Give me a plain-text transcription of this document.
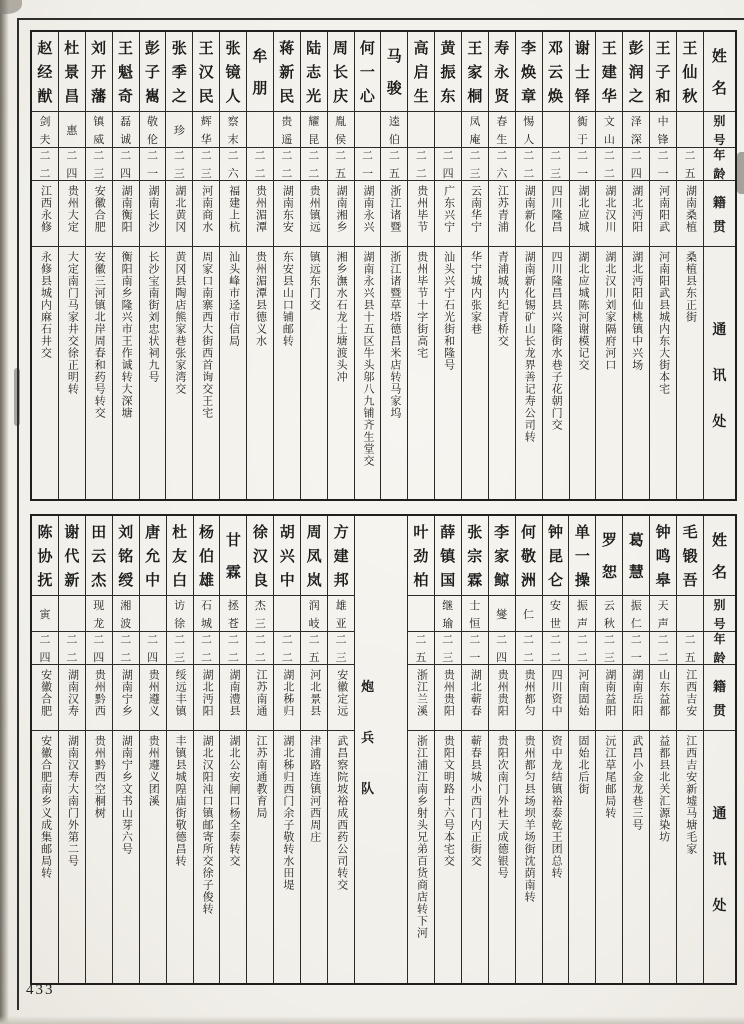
赵
经
猷
剑
夫
二
二
江西永修
永修县城内麻石井交
杜
景
昌
惠
二
四
贵州大定
大定南门马家井交徐正明转
刘
开
藩
镇
威
二
三
安徽合肥
安徽三河镇北岸周春和药号转交
王
魁
奇
磊
诚
二
四
湖南衡阳
衡阳南乡隆兴市王作诚转大深塘
彭
子
嶲
敬
伦
二
一
湖南长沙
长沙宝南街刘忠状祠九号
张
季
之
珍
二
三
湖北黄冈
黄冈县陶店熊家巷张家湾交
王
汉
民
辉
华
二
三
河南商水
周家口南寨西大街西首询交王宅
张
镜
人
察
末
二
六
福建上杭
汕头峰市迳市信局
牟
朋
二
二
贵州湄潭
贵州湄潭县德义水
蒋
新
民
贵
遥
二
二
湖南东安
东安县山口铺邮转
陆
志
光
耀
昆
二
二
贵州镇远
镇远东门交
周
长
庆
胤
侯
二
五
湖南湘乡
湘乡潕水石龙士塘渡头冲
何
一
心
二
一
湖南永兴
湖南永兴县十五区牛头邬八九铺齐生堂交
马
骏
逵
伯
二
五
浙江诸暨
浙江诸暨草塔德昌米店转马家坞
高
启
生
二
二
贵州毕节
贵州毕节十字街高宅
黄
振
东
二
四
广东兴宁
汕头兴宁石光街和隆号
王
家
桐
凤
庵
二
三
云南华宁
华宁城内张家巷
寿
永
贤
春
生
二
六
江苏青浦
青浦城内纪青桥交
李
焕
章
惕
人
二
二
湖南新化
湖南新化锡矿山长龙界善记寿公司转
邓
云
焕
二
三
四川隆昌
四川隆昌县兴隆街水巷子花朝门交
谢
士
铎
衠
于
二
一
湖北应城
湖北应城陈河谢模记交
王
建
华
文
山
二
二
湖北汉川
湖北汉川刘家隔府河口
彭
润
之
泽
深
二
四
湖北沔阳
湖北沔阳仙桃镇中兴场
王
子
和
中
锋
二
一
河南阳武
河南阳武县城内东大街本宅
王
仙
秋
二
五
湖南桑植
桑植县东正街
姓
名
别
号
年
龄
籍
贯
通
讯
处
陈
协
抚
寅
二
四
安徽合肥
安徽合肥南乡义成集邮局转
谢
代
新
二
二
湖南汉寿
湖南汉寿大南门外第二号
田
云
杰
现
龙
二
四
贵州黔西
贵州黔西空桐树
刘
铭
绶
湘
波
二
二
湖南宁乡
湖南宁乡文书山芽六号
唐
允
中
二
四
贵州遵义
贵州遵义团溪
杜
友
白
访
徐
二
三
绥远丰镇
丰镇县城隍庙街敬德昌转
杨
伯
雄
石
城
二
二
湖北沔阳
湖北汉阳沌口镇邮寄所交徐子俊转
甘
霖
拯
苍
二
二
湖南澧县
湖北公安闸口杨全泰转交
徐
汉
良
杰
三
二
二
江苏南通
江苏南通教育局
胡
兴
中
二
二
湖北秭归
湖北秭归西门余子敬转水田堤
周
凤
岚
润
岐
二
五
河北景县
津浦路连镇河西周庄
方
建
邦
雄
亚
二
三
安徽定远
武昌察院坡裕成西药公司转交
炮
兵
队
叶
劲
柏
二
五
浙江兰溪
浙江浦江南乡射头兄弟百货商店转下河
薛
镇
国
继
瑜
二
三
贵州贵阳
贵阳文明路十六号本宅交
张
宗
霖
士
恒
二
一
湖北蕲春
蕲春县城小西门内正街交
李
家
鲸
燮
二
四
贵州贵阳
贵阳次南门外杜天成德银号
何
敬
洲
仁
二
二
贵州都匀
贵州都匀县场坝羊场街沈荫南转
钟
昆
仑
安
世
二
二
四川资中
资中龙结镇裕泰乾王团总转
单
一
操
振
声
二
二
河南固始
固始北后街
罗
恕
云
秋
二
三
湖南益阳
沅江草尾邮局转
葛
慧
振
仁
二
一
湖南岳阳
武昌小金龙巷三号
钟
鸣
皋
天
声
二
二
山东益都
益都县北关汇源染坊
毛
锻
吾
二
五
江西吉安
江西吉安新墟马塘毛家
姓
名
别
号
年
龄
籍
贯
通
讯
处
433
